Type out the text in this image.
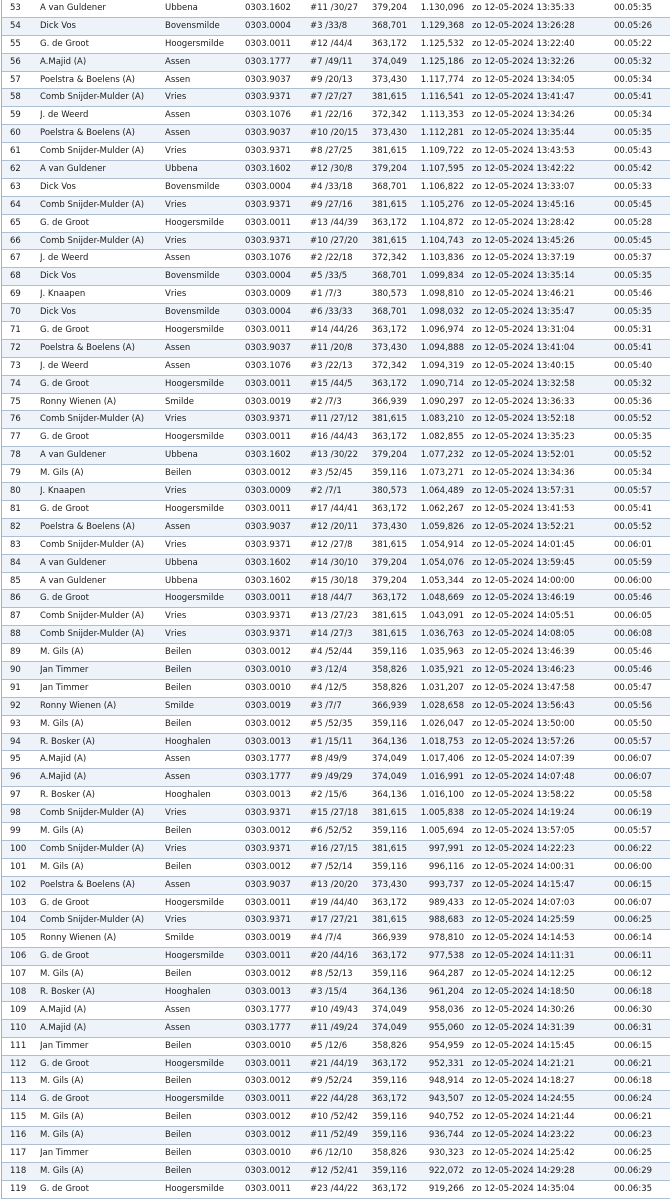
53	A van Guldener	Ubbena	0303.1602	#11 /30/27	379,204	1.130,096 zo 12-05-2024 13:35:33	00.05:35
54	Dick Vos	Bovensmilde	0303.0004	#3 /33/8	368,701	1.129,368 zo 12-05-2024 13:26:28	00.05:26
55	G. de Groot	Hoogersmilde	0303.0011	#12 /44/4	363,172	1.125,532 zo 12-05-2024 13:22:40	00.05:22
56	A.Majid (A)	Assen	0303.1777	#7 /49/11	374,049	1.125,186 zo 12-05-2024 13:32:26	00.05:32
57	Poelstra & Boelens (A)	Assen	0303.9037	#9 /20/13	373,430	1.117,774 zo 12-05-2024 13:34:05	00.05:34
58	Comb Snijder-Mulder (A)	Vries	0303.9371	#7 /27/27	381,615	1.116,541 zo 12-05-2024 13:41:47	00.05:41
59	J. de Weerd	Assen	0303.1076	#1 /22/16	372,342	1.113,353 zo 12-05-2024 13:34:26	00.05:34
60	Poelstra & Boelens (A)	Assen	0303.9037	#10 /20/15	373,430	1.112,281 zo 12-05-2024 13:35:44	00.05:35
61	Comb Snijder-Mulder (A)	Vries	0303.9371	#8 /27/25	381,615	1.109,722 zo 12-05-2024 13:43:53	00.05:43
62	A van Guldener	Ubbena	0303.1602	#12 /30/8	379,204	1.107,595 zo 12-05-2024 13:42:22	00.05:42
63	Dick Vos	Bovensmilde	0303.0004	#4 /33/18	368,701	1.106,822 zo 12-05-2024 13:33:07	00.05:33
64	Comb Snijder-Mulder (A)	Vries	0303.9371	#9 /27/16	381,615	1.105,276 zo 12-05-2024 13:45:16	00.05:45
65	G. de Groot	Hoogersmilde	0303.0011	#13 /44/39	363,172	1.104,872 zo 12-05-2024 13:28:42	00.05:28
66	Comb Snijder-Mulder (A)	Vries	0303.9371	#10 /27/20	381,615	1.104,743 zo 12-05-2024 13:45:26	00.05:45
67	J. de Weerd	Assen	0303.1076	#2 /22/18	372,342	1.103,836 zo 12-05-2024 13:37:19	00.05:37
68	Dick Vos	Bovensmilde	0303.0004	#5 /33/5	368,701	1.099,834 zo 12-05-2024 13:35:14	00.05:35
69	J. Knaapen	Vries	0303.0009	#1 /7/3	380,573	1.098,810 zo 12-05-2024 13:46:21	00.05:46
70	Dick Vos	Bovensmilde	0303.0004	#6 /33/33	368,701	1.098,032 zo 12-05-2024 13:35:47	00.05:35
71	G. de Groot	Hoogersmilde	0303.0011	#14 /44/26	363,172	1.096,974 zo 12-05-2024 13:31:04	00.05:31
72	Poelstra & Boelens (A)	Assen	0303.9037	#11 /20/8	373,430	1.094,888 zo 12-05-2024 13:41:04	00.05:41
73	J. de Weerd	Assen	0303.1076	#3 /22/13	372,342	1.094,319 zo 12-05-2024 13:40:15	00.05:40
74	G. de Groot	Hoogersmilde	0303.0011	#15 /44/5	363,172	1.090,714 zo 12-05-2024 13:32:58	00.05:32
75	Ronny Wienen (A)	Smilde	0303.0019	#2 /7/3	366,939	1.090,297 zo 12-05-2024 13:36:33	00.05:36
76	Comb Snijder-Mulder (A)	Vries	0303.9371	#11 /27/12	381,615	1.083,210 zo 12-05-2024 13:52:18	00.05:52
77	G. de Groot	Hoogersmilde	0303.0011	#16 /44/43	363,172	1.082,855 zo 12-05-2024 13:35:23	00.05:35
78	A van Guldener	Ubbena	0303.1602	#13 /30/22	379,204	1.077,232 zo 12-05-2024 13:52:01	00.05:52
79	M. Gils (A)	Beilen	0303.0012	#3 /52/45	359,116	1.073,271 zo 12-05-2024 13:34:36	00.05:34
80	J. Knaapen	Vries	0303.0009	#2 /7/1	380,573	1.064,489 zo 12-05-2024 13:57:31	00.05:57
81	G. de Groot	Hoogersmilde	0303.0011	#17 /44/41	363,172	1.062,267 zo 12-05-2024 13:41:53	00.05:41
82	Poelstra & Boelens (A)	Assen	0303.9037	#12 /20/11	373,430	1.059,826 zo 12-05-2024 13:52:21	00.05:52
83	Comb Snijder-Mulder (A)	Vries	0303.9371	#12 /27/8	381,615	1.054,914 zo 12-05-2024 14:01:45	00.06:01
84	A van Guldener	Ubbena	0303.1602	#14 /30/10	379,204	1.054,076 zo 12-05-2024 13:59:45	00.05:59
85	A van Guldener	Ubbena	0303.1602	#15 /30/18	379,204	1.053,344 zo 12-05-2024 14:00:00	00.06:00
86	G. de Groot	Hoogersmilde	0303.0011	#18 /44/7	363,172	1.048,669 zo 12-05-2024 13:46:19	00.05:46
87	Comb Snijder-Mulder (A)	Vries	0303.9371	#13 /27/23	381,615	1.043,091 zo 12-05-2024 14:05:51	00.06:05
88	Comb Snijder-Mulder (A)	Vries	0303.9371	#14 /27/3	381,615	1.036,763 zo 12-05-2024 14:08:05	00.06:08
89	M. Gils (A)	Beilen	0303.0012	#4 /52/44	359,116	1.035,963 zo 12-05-2024 13:46:39	00.05:46
90	Jan Timmer	Beilen	0303.0010	#3 /12/4	358,826	1.035,921 zo 12-05-2024 13:46:23	00.05:46
91	Jan Timmer	Beilen	0303.0010	#4 /12/5	358,826	1.031,207 zo 12-05-2024 13:47:58	00.05:47
92	Ronny Wienen (A)	Smilde	0303.0019	#3 /7/7	366,939	1.028,658 zo 12-05-2024 13:56:43	00.05:56
93	M. Gils (A)	Beilen	0303.0012	#5 /52/35	359,116	1.026,047 zo 12-05-2024 13:50:00	00.05:50
94	R. Bosker (A)	Hooghalen	0303.0013	#1 /15/11	364,136	1.018,753 zo 12-05-2024 13:57:26	00.05:57
95	A.Majid (A)	Assen	0303.1777	#8 /49/9	374,049	1.017,406 zo 12-05-2024 14:07:39	00.06:07
96	A.Majid (A)	Assen	0303.1777	#9 /49/29	374,049	1.016,991 zo 12-05-2024 14:07:48	00.06:07
97	R. Bosker (A)	Hooghalen	0303.0013	#2 /15/6	364,136	1.016,100 zo 12-05-2024 13:58:22	00.05:58
98	Comb Snijder-Mulder (A)	Vries	0303.9371	#15 /27/18	381,615	1.005,838 zo 12-05-2024 14:19:24	00.06:19
99	M. Gils (A)	Beilen	0303.0012	#6 /52/52	359,116	1.005,694 zo 12-05-2024 13:57:05	00.05:57
100	Comb Snijder-Mulder (A)	Vries	0303.9371	#16 /27/15	381,615	997,991 zo 12-05-2024 14:22:23	00.06:22
101	M. Gils (A)	Beilen	0303.0012	#7 /52/14	359,116	996,116 zo 12-05-2024 14:00:31	00.06:00
102	Poelstra & Boelens (A)	Assen	0303.9037	#13 /20/20	373,430	993,737 zo 12-05-2024 14:15:47	00.06:15
103	G. de Groot	Hoogersmilde	0303.0011	#19 /44/40	363,172	989,433 zo 12-05-2024 14:07:03	00.06:07
104	Comb Snijder-Mulder (A)	Vries	0303.9371	#17 /27/21	381,615	988,683 zo 12-05-2024 14:25:59	00.06:25
105	Ronny Wienen (A)	Smilde	0303.0019	#4 /7/4	366,939	978,810 zo 12-05-2024 14:14:53	00.06:14
106	G. de Groot	Hoogersmilde	0303.0011	#20 /44/16	363,172	977,538 zo 12-05-2024 14:11:31	00.06:11
107	M. Gils (A)	Beilen	0303.0012	#8 /52/13	359,116	964,287 zo 12-05-2024 14:12:25	00.06:12
108	R. Bosker (A)	Hooghalen	0303.0013	#3 /15/4	364,136	961,204 zo 12-05-2024 14:18:50	00.06:18
109	A.Majid (A)	Assen	0303.1777	#10 /49/43	374,049	958,036 zo 12-05-2024 14:30:26	00.06:30
110	A.Majid (A)	Assen	0303.1777	#11 /49/24	374,049	955,060 zo 12-05-2024 14:31:39	00.06:31
111	Jan Timmer	Beilen	0303.0010	#5 /12/6	358,826	954,959 zo 12-05-2024 14:15:45	00.06:15
112	G. de Groot	Hoogersmilde	0303.0011	#21 /44/19	363,172	952,331 zo 12-05-2024 14:21:21	00.06:21
113	M. Gils (A)	Beilen	0303.0012	#9 /52/24	359,116	948,914 zo 12-05-2024 14:18:27	00.06:18
114	G. de Groot	Hoogersmilde	0303.0011	#22 /44/28	363,172	943,507 zo 12-05-2024 14:24:55	00.06:24
115	M. Gils (A)	Beilen	0303.0012	#10 /52/42	359,116	940,752 zo 12-05-2024 14:21:44	00.06:21
116	M. Gils (A)	Beilen	0303.0012	#11 /52/49	359,116	936,744 zo 12-05-2024 14:23:22	00.06:23
117	Jan Timmer	Beilen	0303.0010	#6 /12/10	358,826	930,323 zo 12-05-2024 14:25:42	00.06:25
118	M. Gils (A)	Beilen	0303.0012	#12 /52/41	359,116	922,072 zo 12-05-2024 14:29:28	00.06:29
119	G. de Groot	Hoogersmilde	0303.0011	#23 /44/22	363,172	919,266 zo 12-05-2024 14:35:04	00.06:35
